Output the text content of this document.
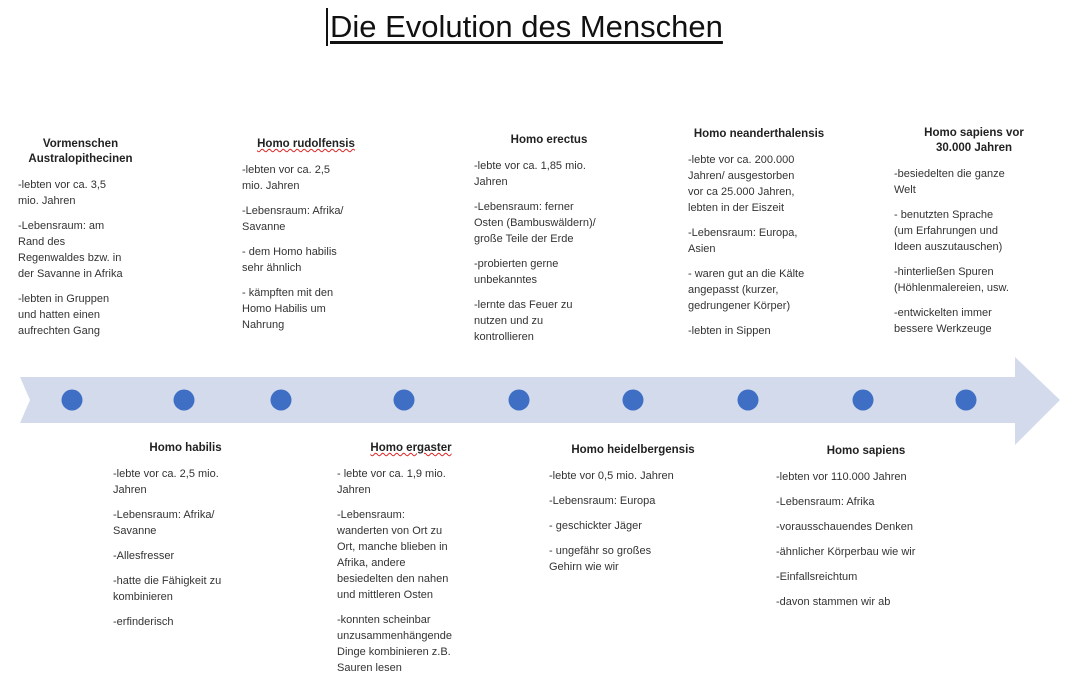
Die Evolution des Menschen
Vormenschen
Australopithecinen
-lebten vor ca. 3,5
mio. Jahren
-Lebensraum: am
Rand des
Regenwaldes bzw. in
der Savanne in Afrika
-lebten in Gruppen
und hatten einen
aufrechten Gang
Homo rudolfensis
-lebten vor ca. 2,5
mio. Jahren
-Lebensraum: Afrika/
Savanne
- dem Homo habilis
sehr ähnlich
- kämpften mit den
Homo Habilis um
Nahrung
Homo erectus
-lebte vor ca. 1,85 mio.
Jahren
-Lebensraum: ferner
Osten (Bambuswäldern)/
große Teile der Erde
-probierten gerne
unbekanntes
-lernte das Feuer zu
nutzen und zu
kontrollieren
Homo neanderthalensis
-lebte vor ca. 200.000
Jahren/ ausgestorben
vor ca 25.000 Jahren,
lebten in der Eiszeit
-Lebensraum: Europa,
Asien
- waren gut an die Kälte
angepasst (kurzer,
gedrungener Körper)
-lebten in Sippen
Homo sapiens vor
30.000 Jahren
-besiedelten die ganze
Welt
- benutzten Sprache
(um Erfahrungen und
Ideen auszutauschen)
-hinterließen Spuren
(Höhlenmalereien, usw.
-entwickelten immer
bessere Werkzeuge
Homo habilis
-lebte vor ca. 2,5 mio.
Jahren
-Lebensraum: Afrika/
Savanne
-Allesfresser
-hatte die Fähigkeit zu
kombinieren
-erfinderisch
Homo ergaster
- lebte vor ca. 1,9 mio.
Jahren
-Lebensraum:
wanderten von Ort zu
Ort, manche blieben in
Afrika, andere
besiedelten den nahen
und mittleren Osten
-konnten scheinbar
unzusammenhängende
Dinge kombinieren z.B.
Sauren lesen
Homo heidelbergensis
-lebte vor 0,5 mio. Jahren
-Lebensraum: Europa
- geschickter Jäger
- ungefähr so großes
Gehirn wie wir
Homo sapiens
-lebten vor 110.000 Jahren
-Lebensraum: Afrika
-vorausschauendes Denken
-ähnlicher Körperbau wie wir
-Einfallsreichtum
-davon stammen wir ab
